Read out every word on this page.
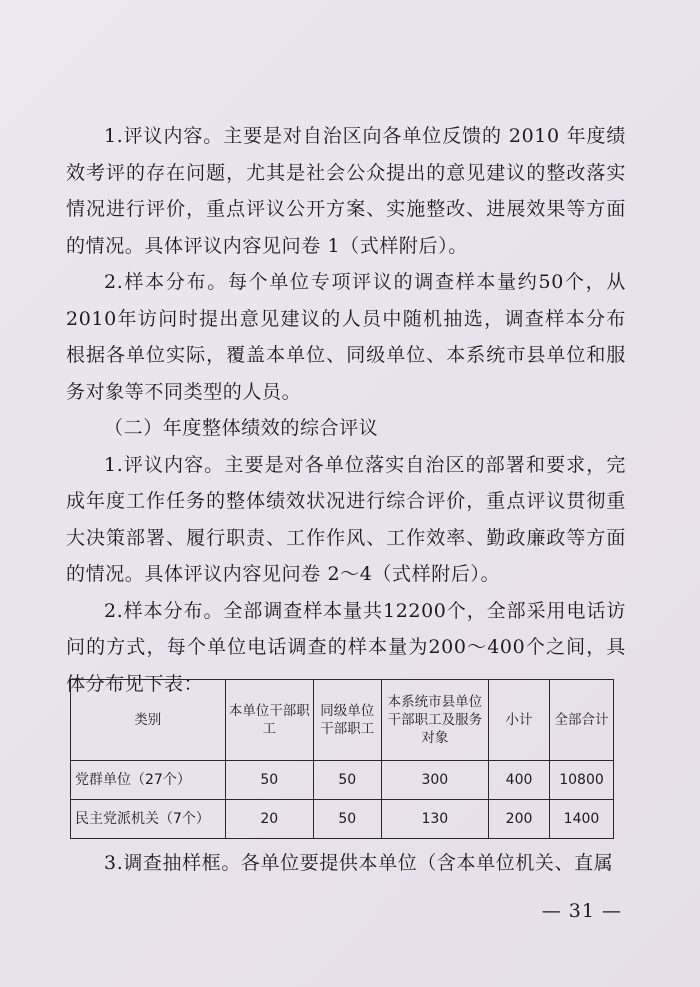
1.评议内容。主要是对自治区向各单位反馈的 2010 年度绩效考评的存在问题，尤其是社会公众提出的意见建议的整改落实情况进行评价，重点评议公开方案、实施整改、进展效果等方面的情况。具体评议内容见问卷 1（式样附后）。

2.样本分布。每个单位专项评议的调查样本量约50个，从2010年访问时提出意见建议的人员中随机抽选，调查样本分布根据各单位实际，覆盖本单位、同级单位、本系统市县单位和服务对象等不同类型的人员。

（二）年度整体绩效的综合评议

1.评议内容。主要是对各单位落实自治区的部署和要求，完成年度工作任务的整体绩效状况进行综合评价，重点评议贯彻重大决策部署、履行职责、工作作风、工作效率、勤政廉政等方面的情况。具体评议内容见问卷 2～4（式样附后）。

2.样本分布。全部调查样本量共12200个，全部采用电话访问的方式，每个单位电话调查的样本量为200～400个之间，具体分布见下表：

类别	本单位干部职工	同级单位干部职工	本系统市县单位干部职工及服务对象	小计	全部合计
党群单位（27个）	50	50	300	400	10800
民主党派机关（7个）	20	50	130	200	1400

3.调查抽样框。各单位要提供本单位（含本单位机关、直属

— 31 —
